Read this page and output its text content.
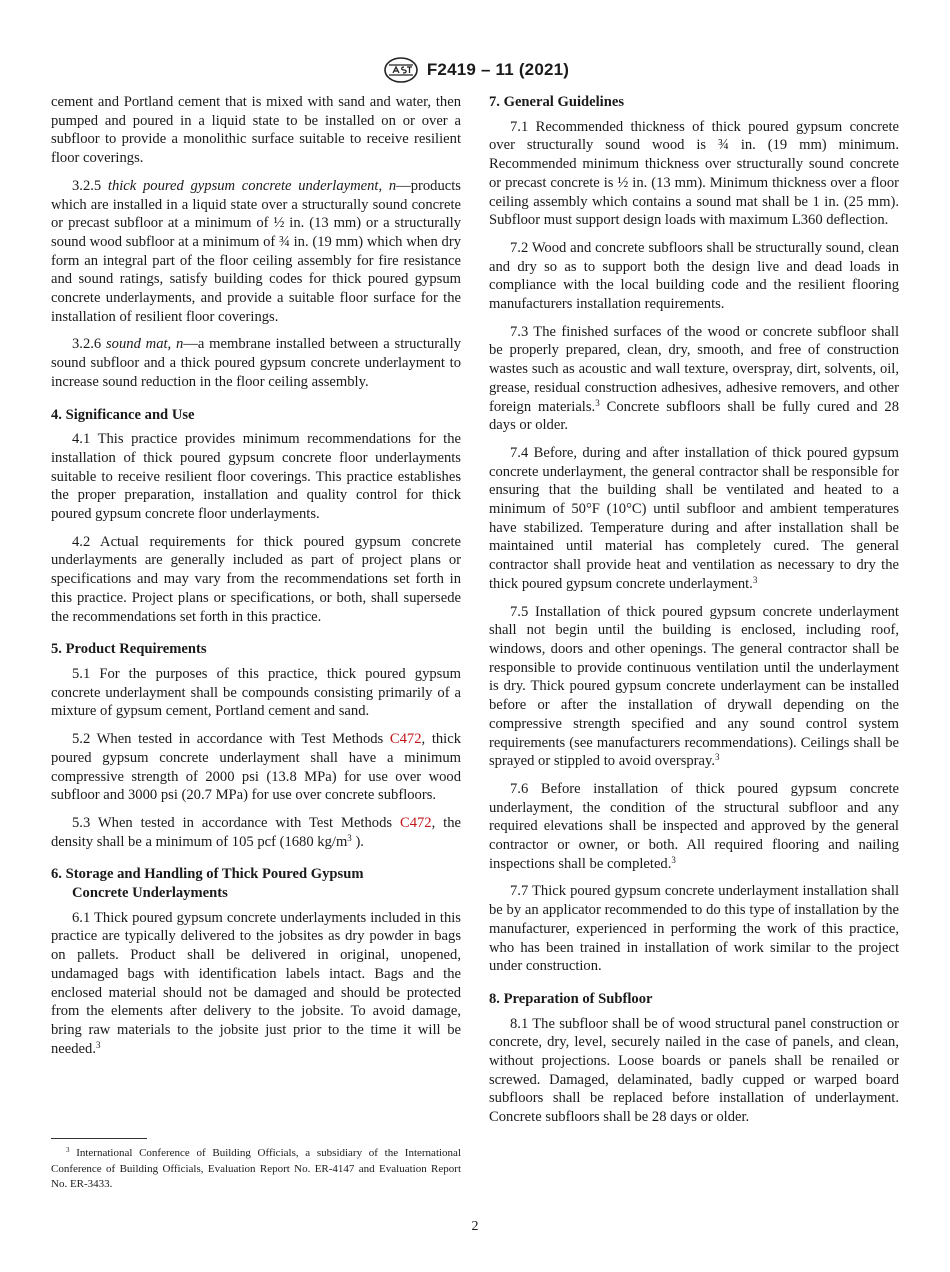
F2419 – 11 (2021)

cement and Portland cement that is mixed with sand and water, then pumped and poured in a liquid state to be installed on or over a subfloor to provide a monolithic surface suitable to receive resilient floor coverings.

3.2.5 thick poured gypsum concrete underlayment, n—products which are installed in a liquid state over a structurally sound concrete or precast subfloor at a minimum of ½ in. (13 mm) or a structurally sound wood subfloor at a minimum of ¾ in. (19 mm) which when dry form an integral part of the floor ceiling assembly for fire resistance and sound ratings, satisfy building codes for thick poured gypsum concrete underlayments, and provide a suitable floor surface for the installation of resilient floor coverings.

3.2.6 sound mat, n—a membrane installed between a structurally sound subfloor and a thick poured gypsum concrete underlayment to increase sound reduction in the floor ceiling assembly.

4. Significance and Use

4.1 This practice provides minimum recommendations for the installation of thick poured gypsum concrete floor underlayments suitable to receive resilient floor coverings. This practice establishes the proper preparation, installation and quality control for thick poured gypsum concrete floor underlayments.

4.2 Actual requirements for thick poured gypsum concrete underlayments are generally included as part of project plans or specifications and may vary from the recommendations set forth in this practice. Project plans or specifications, or both, shall supersede the recommendations set forth in this practice.

5. Product Requirements

5.1 For the purposes of this practice, thick poured gypsum concrete underlayment shall be compounds consisting primarily of a mixture of gypsum cement, Portland cement and sand.

5.2 When tested in accordance with Test Methods C472, thick poured gypsum concrete underlayment shall have a minimum compressive strength of 2000 psi (13.8 MPa) for use over wood subfloor and 3000 psi (20.7 MPa) for use over concrete subfloors.

5.3 When tested in accordance with Test Methods C472, the density shall be a minimum of 105 pcf (1680 $kg/m^3$ ).

6. Storage and Handling of Thick Poured Gypsum
Concrete Underlayments

6.1 Thick poured gypsum concrete underlayments included in this practice are typically delivered to the jobsites as dry powder in bags on pallets. Product shall be delivered in original, unopened, undamaged bags with identification labels intact. Bags and the enclosed material should not be damaged and should be protected from the elements after delivery to the jobsite. To avoid damage, bring raw materials to the jobsite just prior to the time it will be needed.$^3$

7. General Guidelines

7.1 Recommended thickness of thick poured gypsum concrete over structurally sound wood is ¾ in. (19 mm) minimum. Recommended minimum thickness over structurally sound concrete or precast concrete is ½ in. (13 mm). Minimum thickness over a floor ceiling assembly which contains a sound mat shall be 1 in. (25 mm). Subfloor must support design loads with maximum L360 deflection.

7.2 Wood and concrete subfloors shall be structurally sound, clean and dry so as to support both the design live and dead loads in compliance with the local building code and the resilient flooring manufacturers installation requirements.

7.3 The finished surfaces of the wood or concrete subfloor shall be properly prepared, clean, dry, smooth, and free of construction wastes such as acoustic and wall texture, overspray, dirt, solvents, oil, grease, residual construction adhesives, adhesive removers, and other foreign materials.$^3$ Concrete subfloors shall be fully cured and 28 days or older.

7.4 Before, during and after installation of thick poured gypsum concrete underlayment, the general contractor shall be responsible for ensuring that the building shall be ventilated and heated to a minimum of 50°F (10°C) until subfloor and ambient temperatures have stabilized. Temperature during and after installation shall be maintained until material has completely cured. The general contractor shall provide heat and ventilation as necessary to dry the thick poured gypsum concrete underlayment.$^3$

7.5 Installation of thick poured gypsum concrete underlayment shall not begin until the building is enclosed, including roof, windows, doors and other openings. The general contractor shall be responsible to provide continuous ventilation until the underlayment is dry. Thick poured gypsum concrete underlayment can be installed before or after the installation of drywall depending on the compressive strength specified and any sound control system requirements (see manufacturers recommendations). Ceilings shall be sprayed or stippled to avoid overspray.$^3$

7.6 Before installation of thick poured gypsum concrete underlayment, the condition of the structural subfloor and any required elevations shall be inspected and approved by the general contractor or owner, or both. All required flooring and nailing inspections shall be completed.$^3$

7.7 Thick poured gypsum concrete underlayment installation shall be by an applicator recommended to do this type of installation by the manufacturer, experienced in performing the work of this practice, who has been trained in installation of work similar to the project under construction.

8. Preparation of Subfloor

8.1 The subfloor shall be of wood structural panel construction or concrete, dry, level, securely nailed in the case of panels, and clean, without projections. Loose boards or panels shall be renailed or screwed. Damaged, delaminated, badly cupped or warped board subfloors shall be replaced before installation of underlayment. Concrete subfloors shall be 28 days or older.

$^3$ International Conference of Building Officials, a subsidiary of the International Conference of Building Officials, Evaluation Report No. ER-4147 and Evaluation Report No. ER-3433.

2
